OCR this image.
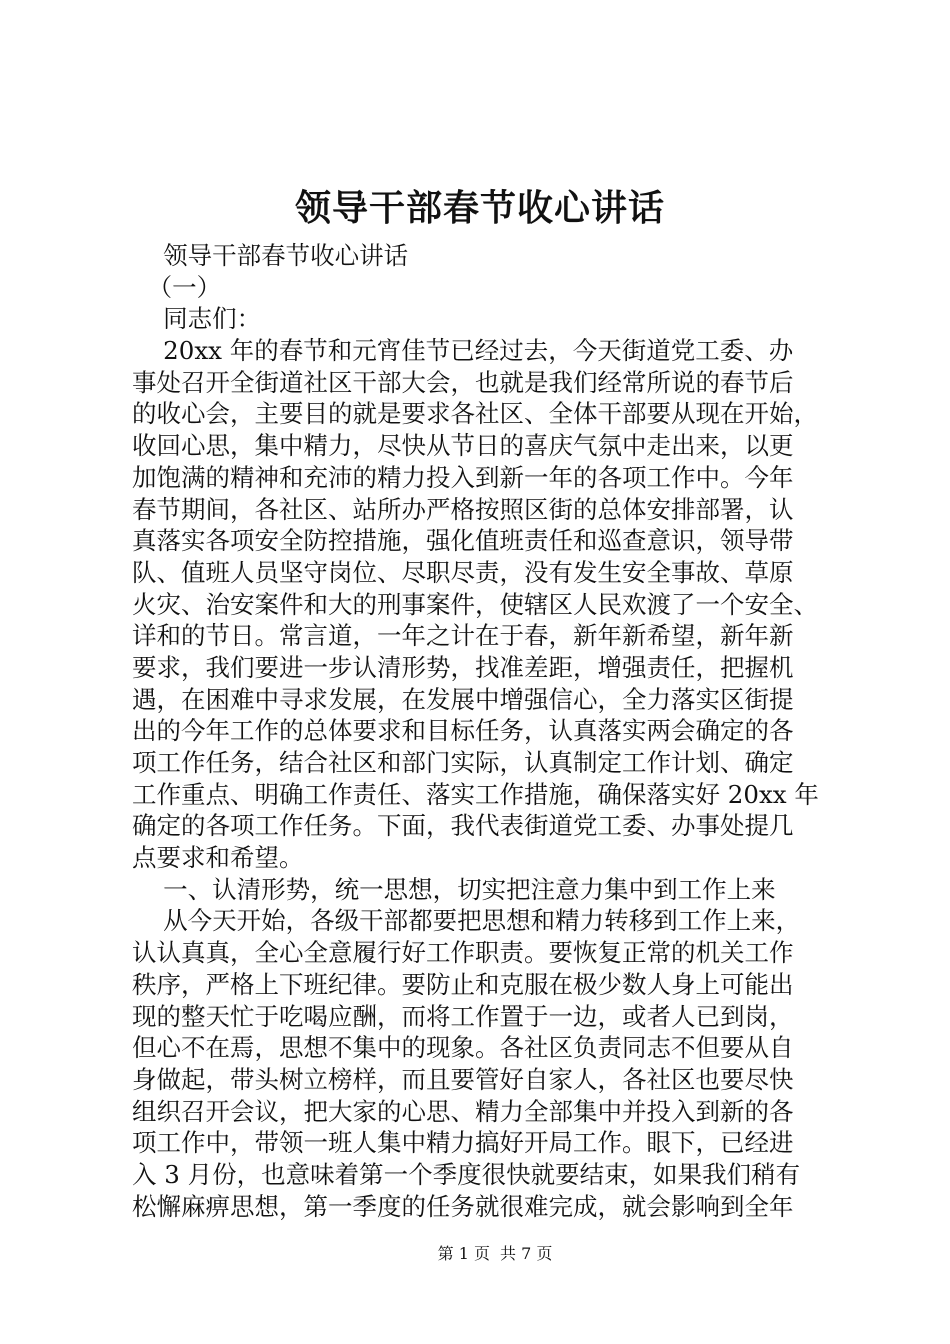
领导干部春节收心讲话
领导干部春节收心讲话
（一）
同志们：
20xx 年的春节和元宵佳节已经过去，今天街道党工委、办
事处召开全街道社区干部大会，也就是我们经常所说的春节后
的收心会，主要目的就是要求各社区、全体干部要从现在开始，
收回心思，集中精力，尽快从节日的喜庆气氛中走出来，以更
加饱满的精神和充沛的精力投入到新一年的各项工作中。今年
春节期间，各社区、站所办严格按照区街的总体安排部署，认
真落实各项安全防控措施，强化值班责任和巡查意识，领导带
队、值班人员坚守岗位、尽职尽责，没有发生安全事故、草原
火灾、治安案件和大的刑事案件，使辖区人民欢渡了一个安全、
详和的节日。常言道，一年之计在于春，新年新希望，新年新
要求，我们要进一步认清形势，找准差距，增强责任，把握机
遇，在困难中寻求发展，在发展中增强信心，全力落实区街提
出的今年工作的总体要求和目标任务，认真落实两会确定的各
项工作任务，结合社区和部门实际，认真制定工作计划、确定
工作重点、明确工作责任、落实工作措施，确保落实好 20xx 年
确定的各项工作任务。下面，我代表街道党工委、办事处提几
点要求和希望。
一、认清形势，统一思想，切实把注意力集中到工作上来
从今天开始，各级干部都要把思想和精力转移到工作上来，
认认真真，全心全意履行好工作职责。要恢复正常的机关工作
秩序，严格上下班纪律。要防止和克服在极少数人身上可能出
现的整天忙于吃喝应酬，而将工作置于一边，或者人已到岗，
但心不在焉，思想不集中的现象。各社区负责同志不但要从自
身做起，带头树立榜样，而且要管好自家人，各社区也要尽快
组织召开会议，把大家的心思、精力全部集中并投入到新的各
项工作中，带领一班人集中精力搞好开局工作。眼下，已经进
入 3 月份，也意味着第一个季度很快就要结束，如果我们稍有
松懈麻痹思想，第一季度的任务就很难完成，就会影响到全年
第 1 页 共 7 页
